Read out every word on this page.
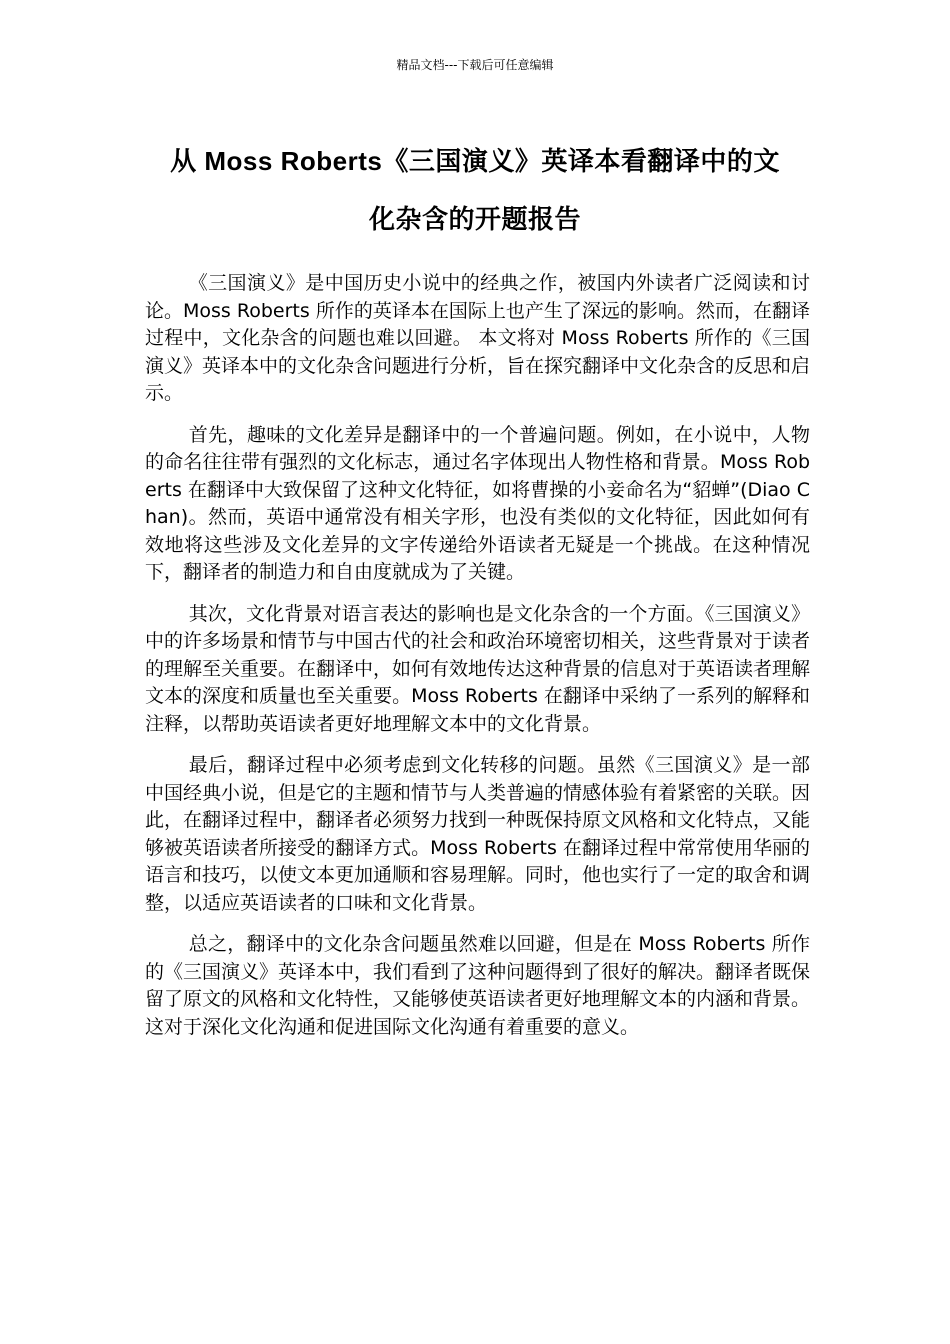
精品文档---下载后可任意编辑
从 Moss Roberts《三国演义》英译本看翻译中的文
化杂含的开题报告

《三国演义》是中国历史小说中的经典之作，被国内外读者广泛阅读和讨论。Moss Roberts 所作的英译本在国际上也产生了深远的影响。然而，在翻译过程中，文化杂含的问题也难以回避。 本文将对 Moss Roberts 所作的《三国演义》英译本中的文化杂含问题进行分析，旨在探究翻译中文化杂含的反思和启示。

首先，趣味的文化差异是翻译中的一个普遍问题。例如，在小说中，人物的命名往往带有强烈的文化标志，通过名字体现出人物性格和背景。Moss Roberts 在翻译中大致保留了这种文化特征，如将曹操的小妾命名为“貂蝉”(Diao Chan)。然而，英语中通常没有相关字形，也没有类似的文化特征，因此如何有效地将这些涉及文化差异的文字传递给外语读者无疑是一个挑战。在这种情况下，翻译者的制造力和自由度就成为了关键。

其次，文化背景对语言表达的影响也是文化杂含的一个方面。《三国演义》中的许多场景和情节与中国古代的社会和政治环境密切相关，这些背景对于读者的理解至关重要。在翻译中，如何有效地传达这种背景的信息对于英语读者理解文本的深度和质量也至关重要。Moss Roberts 在翻译中采纳了一系列的解释和注释，以帮助英语读者更好地理解文本中的文化背景。

最后，翻译过程中必须考虑到文化转移的问题。虽然《三国演义》是一部中国经典小说，但是它的主题和情节与人类普遍的情感体验有着紧密的关联。因此，在翻译过程中，翻译者必须努力找到一种既保持原文风格和文化特点，又能够被英语读者所接受的翻译方式。Moss Roberts 在翻译过程中常常使用华丽的语言和技巧，以使文本更加通顺和容易理解。同时，他也实行了一定的取舍和调整，以适应英语读者的口味和文化背景。

总之，翻译中的文化杂含问题虽然难以回避，但是在 Moss Roberts 所作的《三国演义》英译本中，我们看到了这种问题得到了很好的解决。翻译者既保留了原文的风格和文化特性，又能够使英语读者更好地理解文本的内涵和背景。这对于深化文化沟通和促进国际文化沟通有着重要的意义。
